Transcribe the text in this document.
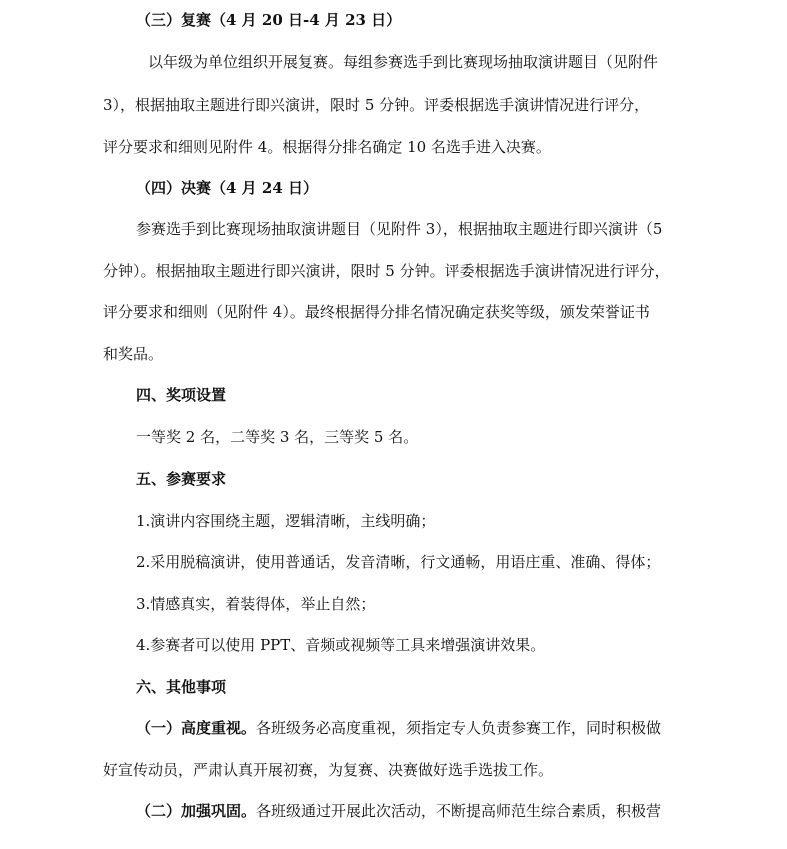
（三）复赛（4 月 20 日-4 月 23 日）
以年级为单位组织开展复赛。每组参赛选手到比赛现场抽取演讲题目（见附件
3），根据抽取主题进行即兴演讲，限时 5 分钟。评委根据选手演讲情况进行评分，
评分要求和细则见附件 4。根据得分排名确定 10 名选手进入决赛。
（四）决赛（4 月 24 日）
参赛选手到比赛现场抽取演讲题目（见附件 3），根据抽取主题进行即兴演讲（5
分钟）。根据抽取主题进行即兴演讲，限时 5 分钟。评委根据选手演讲情况进行评分，
评分要求和细则（见附件 4）。最终根据得分排名情况确定获奖等级，颁发荣誉证书
和奖品。
四、奖项设置
一等奖 2 名，二等奖 3 名，三等奖 5 名。
五、参赛要求
1.演讲内容围绕主题，逻辑清晰，主线明确；
2.采用脱稿演讲，使用普通话，发音清晰，行文通畅，用语庄重、准确、得体；
3.情感真实，着装得体，举止自然；
4.参赛者可以使用 PPT、音频或视频等工具来增强演讲效果。
六、其他事项
（一）高度重视。各班级务必高度重视，须指定专人负责参赛工作，同时积极做
好宣传动员，严肃认真开展初赛，为复赛、决赛做好选手选拔工作。
（二）加强巩固。各班级通过开展此次活动，不断提高师范生综合素质，积极营
